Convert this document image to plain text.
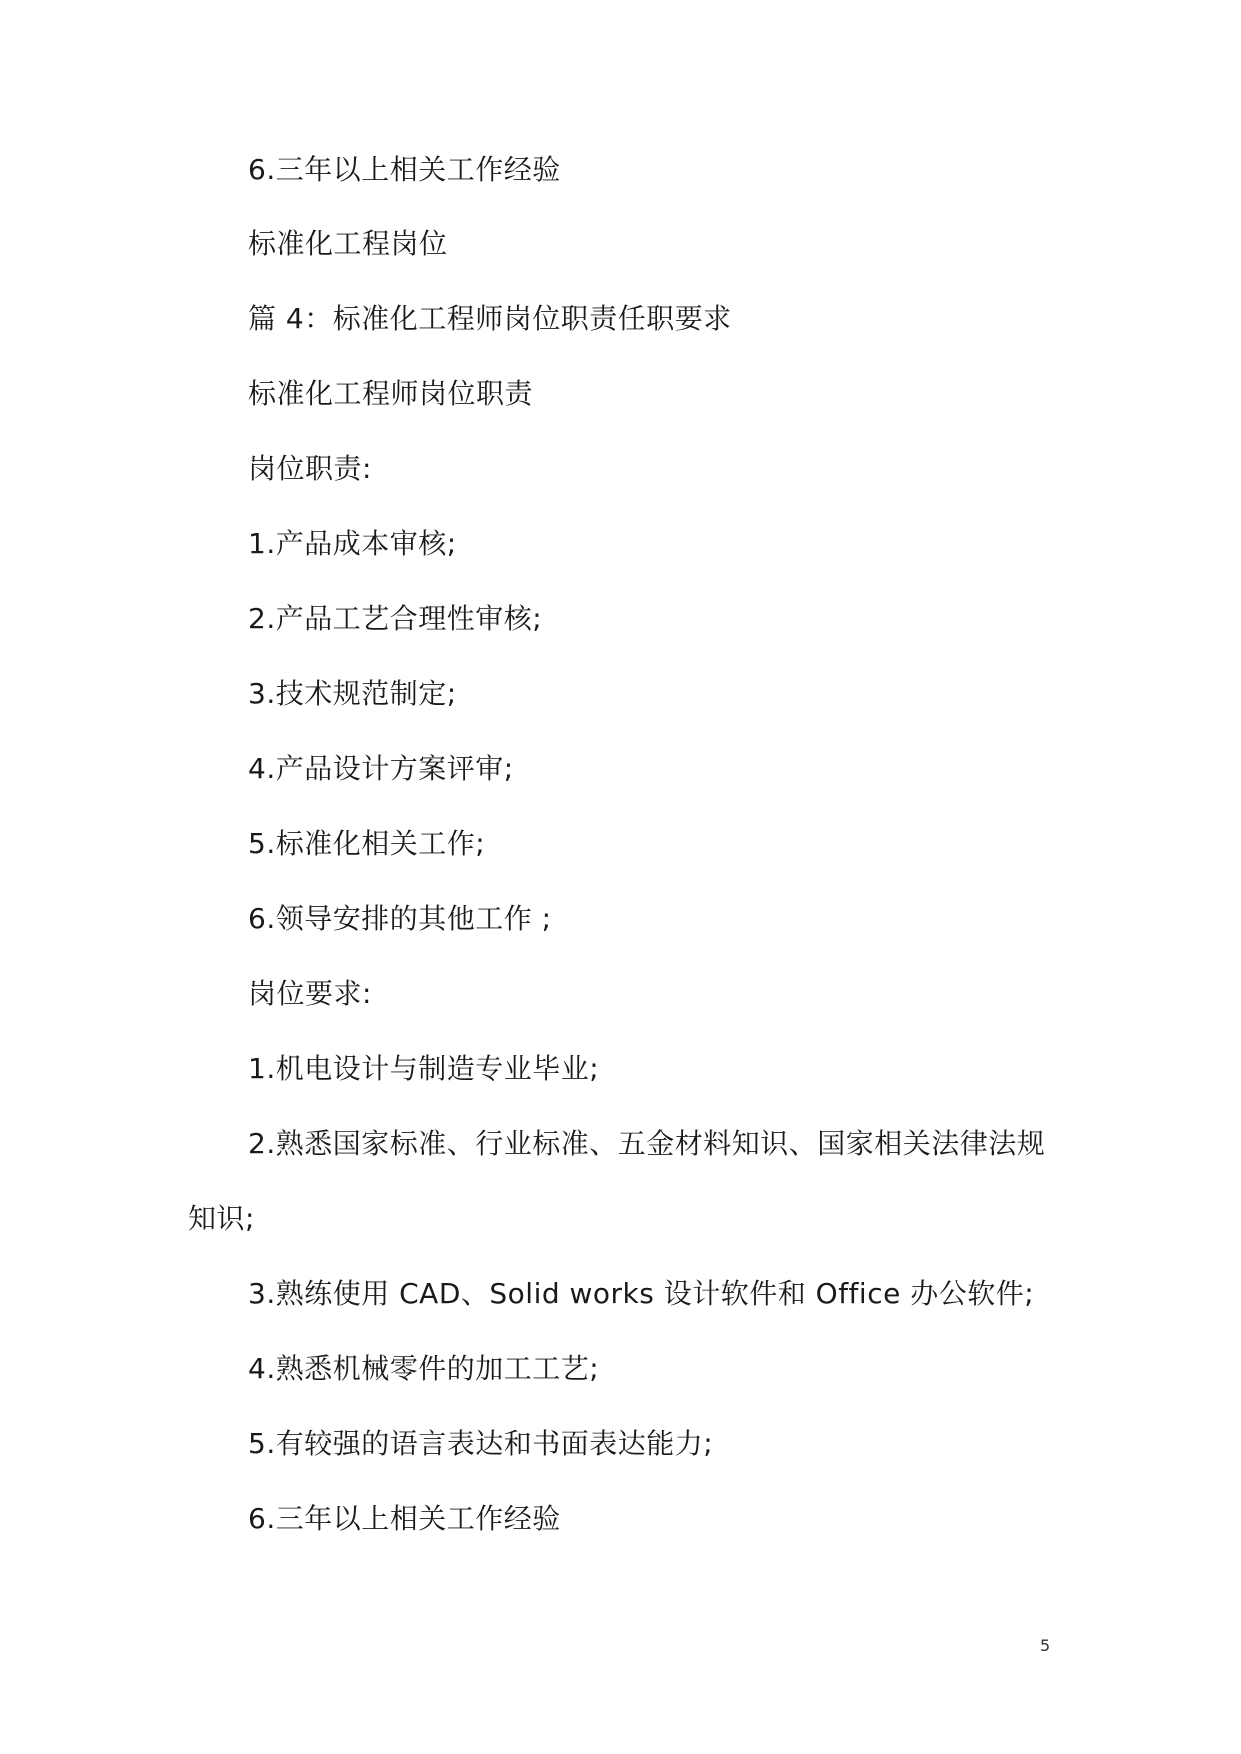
6.三年以上相关工作经验
标准化工程岗位
篇 4：标准化工程师岗位职责任职要求
标准化工程师岗位职责
岗位职责:
1.产品成本审核;
2.产品工艺合理性审核;
3.技术规范制定;
4.产品设计方案评审;
5.标准化相关工作;
6.领导安排的其他工作 ;
岗位要求:
1.机电设计与制造专业毕业;
2.熟悉国家标准、行业标准、五金材料知识、国家相关法律法规
知识;
3.熟练使用 CAD、Solid works 设计软件和 Office 办公软件;
4.熟悉机械零件的加工工艺;
5.有较强的语言表达和书面表达能力;
6.三年以上相关工作经验
5
